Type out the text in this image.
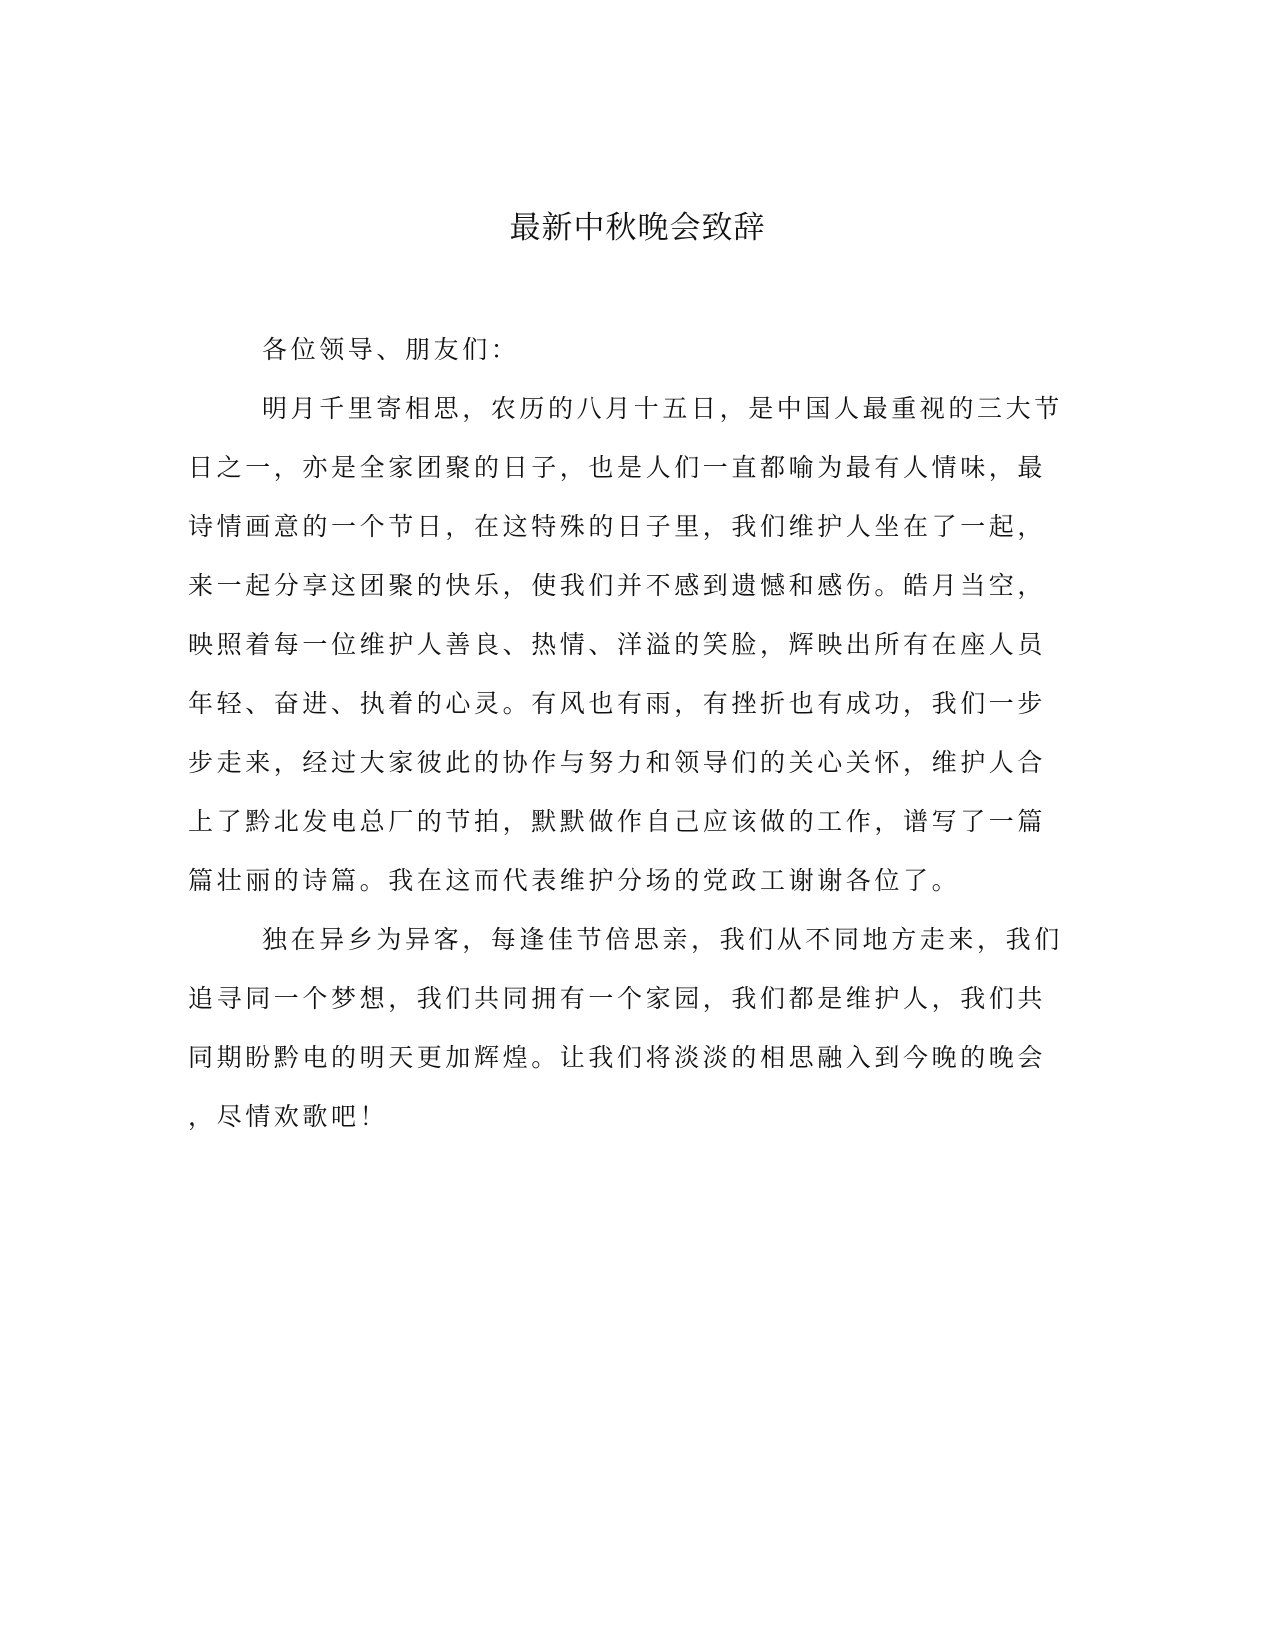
最新中秋晚会致辞

各位领导、朋友们：

明月千里寄相思，农历的八月十五日，是中国人最重视的三大节

日之一，亦是全家团聚的日子，也是人们一直都喻为最有人情味，最

诗情画意的一个节日，在这特殊的日子里，我们维护人坐在了一起，

来一起分享这团聚的快乐，使我们并不感到遗憾和感伤。皓月当空，

映照着每一位维护人善良、热情、洋溢的笑脸，辉映出所有在座人员

年轻、奋进、执着的心灵。有风也有雨，有挫折也有成功，我们一步

步走来，经过大家彼此的协作与努力和领导们的关心关怀，维护人合

上了黔北发电总厂的节拍，默默做作自己应该做的工作，谱写了一篇

篇壮丽的诗篇。我在这而代表维护分场的党政工谢谢各位了。

独在异乡为异客，每逢佳节倍思亲，我们从不同地方走来，我们

追寻同一个梦想，我们共同拥有一个家园，我们都是维护人，我们共

同期盼黔电的明天更加辉煌。让我们将淡淡的相思融入到今晚的晚会

，尽情欢歌吧！
